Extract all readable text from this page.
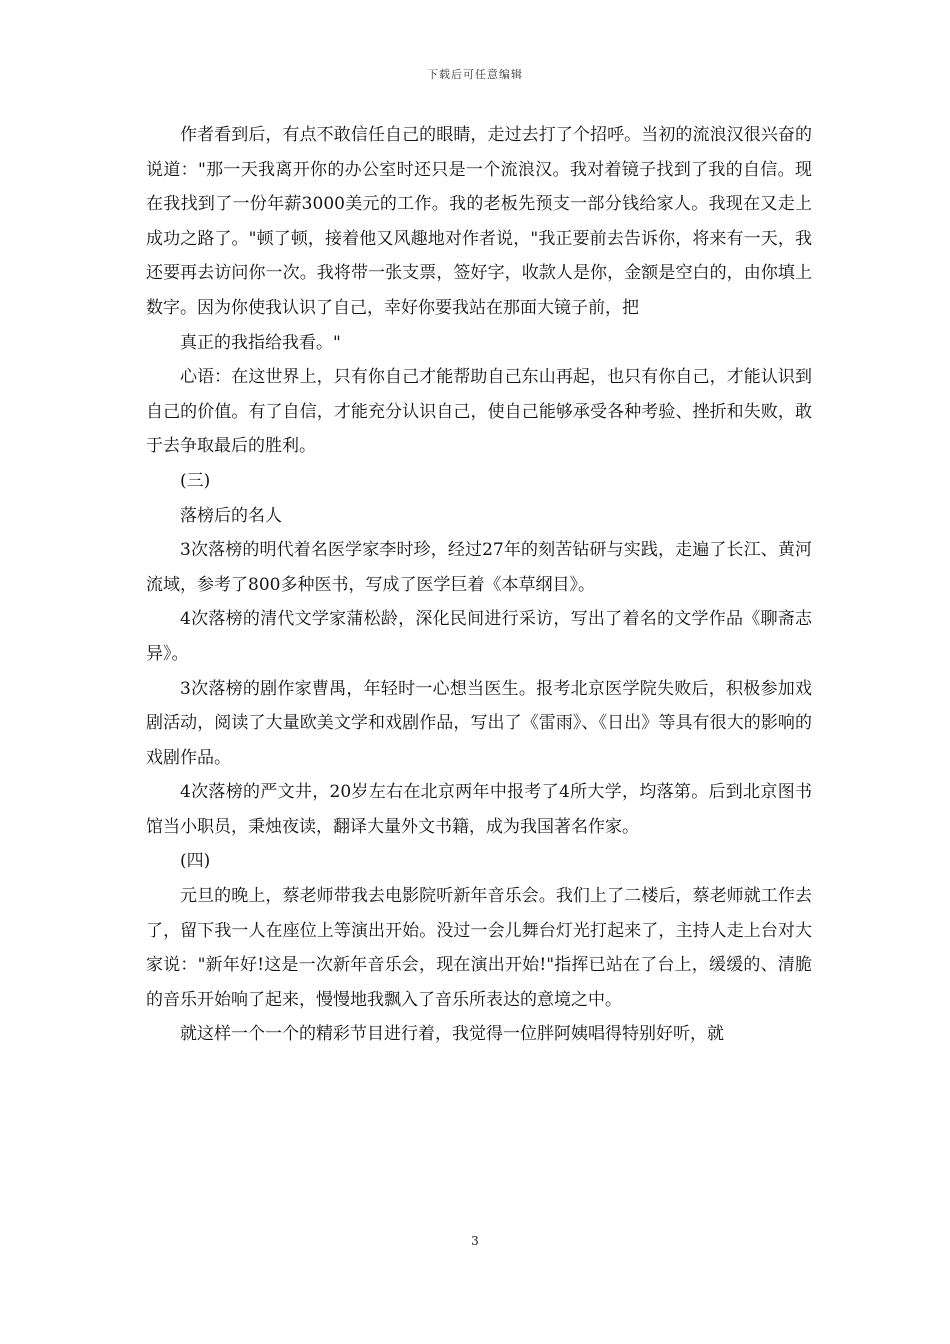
下载后可任意编辑

作者看到后，有点不敢信任自己的眼睛，走过去打了个招呼。当初的流浪汉很兴奋的说道："那一天我离开你的办公室时还只是一个流浪汉。我对着镜子找到了我的自信。现在我找到了一份年薪3000美元的工作。我的老板先预支一部分钱给家人。我现在又走上成功之路了。"顿了顿，接着他又风趣地对作者说，"我正要前去告诉你，将来有一天，我还要再去访问你一次。我将带一张支票，签好字，收款人是你，金额是空白的，由你填上数字。因为你使我认识了自己，幸好你要我站在那面大镜子前，把

真正的我指给我看。"

心语：在这世界上，只有你自己才能帮助自己东山再起，也只有你自己，才能认识到自己的价值。有了自信，才能充分认识自己，使自己能够承受各种考验、挫折和失败，敢于去争取最后的胜利。

(三)

落榜后的名人

3次落榜的明代着名医学家李时珍，经过27年的刻苦钻研与实践，走遍了长江、黄河流域，参考了800多种医书，写成了医学巨着《本草纲目》。

4次落榜的清代文学家蒲松龄，深化民间进行采访，写出了着名的文学作品《聊斋志异》。

3次落榜的剧作家曹禺，年轻时一心想当医生。报考北京医学院失败后，积极参加戏剧活动，阅读了大量欧美文学和戏剧作品，写出了《雷雨》、《日出》等具有很大的影响的戏剧作品。

4次落榜的严文井，20岁左右在北京两年中报考了4所大学，均落第。后到北京图书馆当小职员，秉烛夜读，翻译大量外文书籍，成为我国著名作家。

(四)

元旦的晚上，蔡老师带我去电影院听新年音乐会。我们上了二楼后，蔡老师就工作去了，留下我一人在座位上等演出开始。没过一会儿舞台灯光打起来了，主持人走上台对大家说："新年好!这是一次新年音乐会，现在演出开始!"指挥已站在了台上，缓缓的、清脆的音乐开始响了起来，慢慢地我飘入了音乐所表达的意境之中。

就这样一个一个的精彩节目进行着，我觉得一位胖阿姨唱得特别好听，就

3
